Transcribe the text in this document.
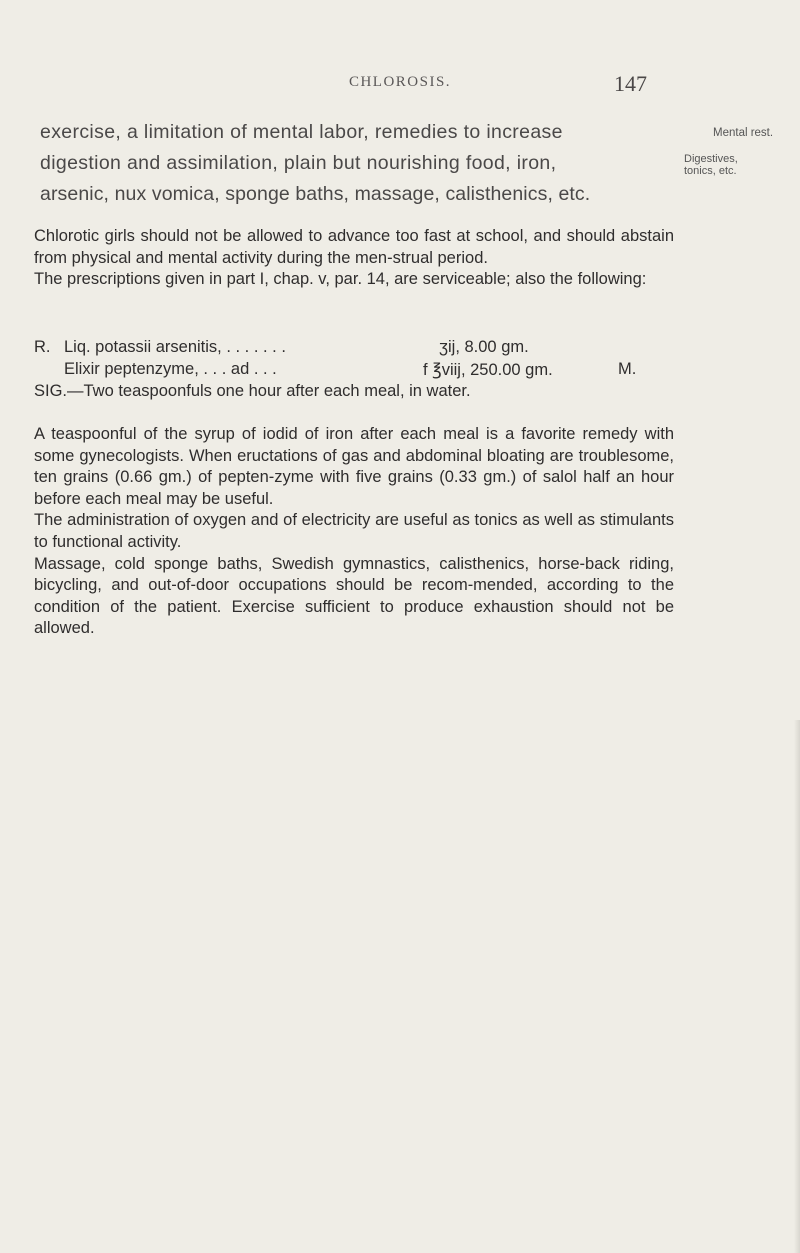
CHLOROSIS.	147
exercise, a limitation of mental labor, remedies to increase	Mental rest.
digestion and assimilation, plain but nourishing food, iron,	Digestives,
tonics, etc.
arsenic, nux vomica, sponge baths, massage, calisthenics, etc.

Chlorotic girls should not be allowed to advance too fast at school, and should abstain from physical and mental activity during the men-strual period.

The prescriptions given in part I, chap. v, par. 14, are serviceable; also the following:

R. Liq. potassii arsenitis, . . . . . . .	ʒij, 8.00 gm.
Elixir peptenzyme, . . . ad . . .	f ℥viij, 250.00 gm.	M.
SIG.—Two teaspoonfuls one hour after each meal, in water.

A teaspoonful of the syrup of iodid of iron after each meal is a favorite remedy with some gynecologists. When eructations of gas and abdominal bloating are troublesome, ten grains (0.66 gm.) of pepten-zyme with five grains (0.33 gm.) of salol half an hour before each meal may be useful.

The administration of oxygen and of electricity are useful as tonics as well as stimulants to functional activity.

Massage, cold sponge baths, Swedish gymnastics, calisthenics, horse-back riding, bicycling, and out-of-door occupations should be recom-mended, according to the condition of the patient. Exercise sufficient to produce exhaustion should not be allowed.
